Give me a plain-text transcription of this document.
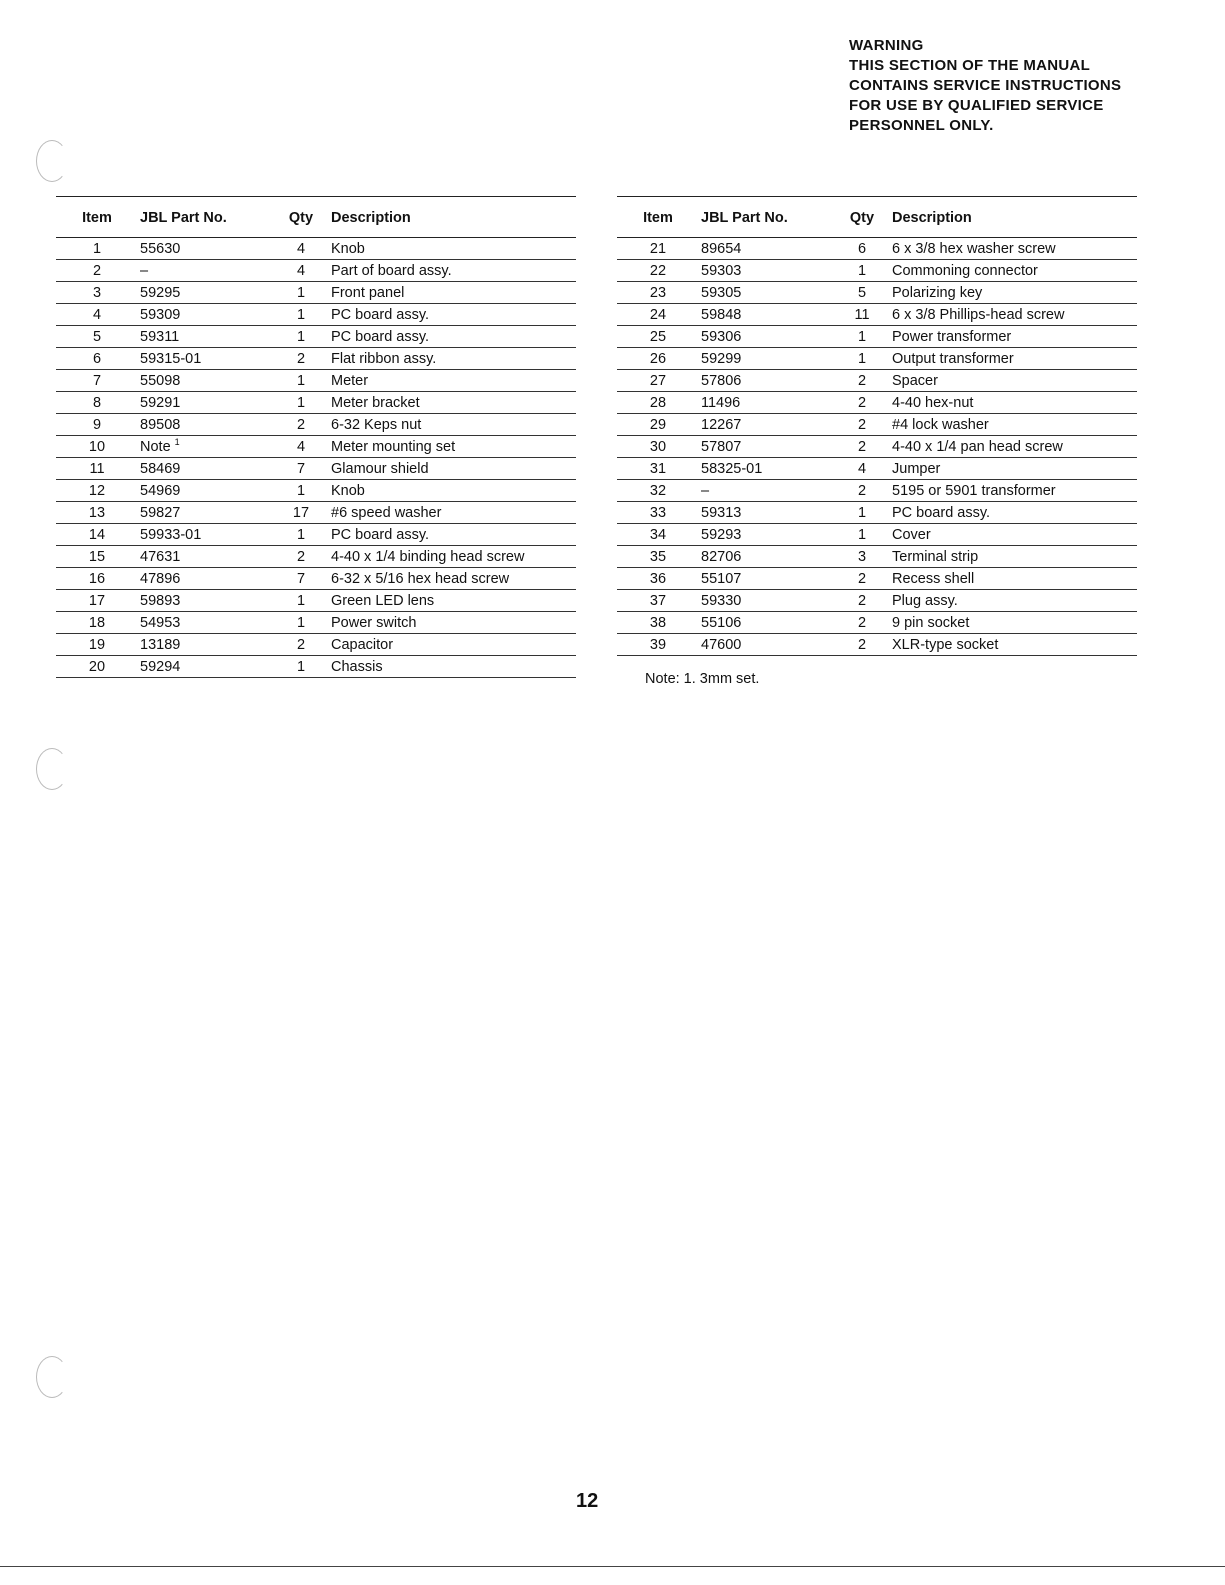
WARNING
THIS SECTION OF THE MANUAL
CONTAINS SERVICE INSTRUCTIONS
FOR USE BY QUALIFIED SERVICE
PERSONNEL ONLY.
Item	JBL Part No.	Qty	Description
1	55630	4	Knob
2	–	4	Part of board assy.
3	59295	1	Front panel
4	59309	1	PC board assy.
5	59311	1	PC board assy.
6	59315-01	2	Flat ribbon assy.
7	55098	1	Meter
8	59291	1	Meter bracket
9	89508	2	6-32 Keps nut
10	Note $^1$	4	Meter mounting set
11	58469	7	Glamour shield
12	54969	1	Knob
13	59827	17	#6 speed washer
14	59933-01	1	PC board assy.
15	47631	2	4-40 x 1/4 binding head screw
16	47896	7	6-32 x 5/16 hex head screw
17	59893	1	Green LED lens
18	54953	1	Power switch
19	13189	2	Capacitor
20	59294	1	Chassis
Item	JBL Part No.	Qty	Description
21	89654	6	6 x 3/8 hex washer screw
22	59303	1	Commoning connector
23	59305	5	Polarizing key
24	59848	11	6 x 3/8 Phillips-head screw
25	59306	1	Power transformer
26	59299	1	Output transformer
27	57806	2	Spacer
28	11496	2	4-40 hex-nut
29	12267	2	#4 lock washer
30	57807	2	4-40 x 1/4 pan head screw
31	58325-01	4	Jumper
32	–	2	5195 or 5901 transformer
33	59313	1	PC board assy.
34	59293	1	Cover
35	82706	3	Terminal strip
36	55107	2	Recess shell
37	59330	2	Plug assy.
38	55106	2	9 pin socket
39	47600	2	XLR-type socket
Note: 1. 3mm set.
12
